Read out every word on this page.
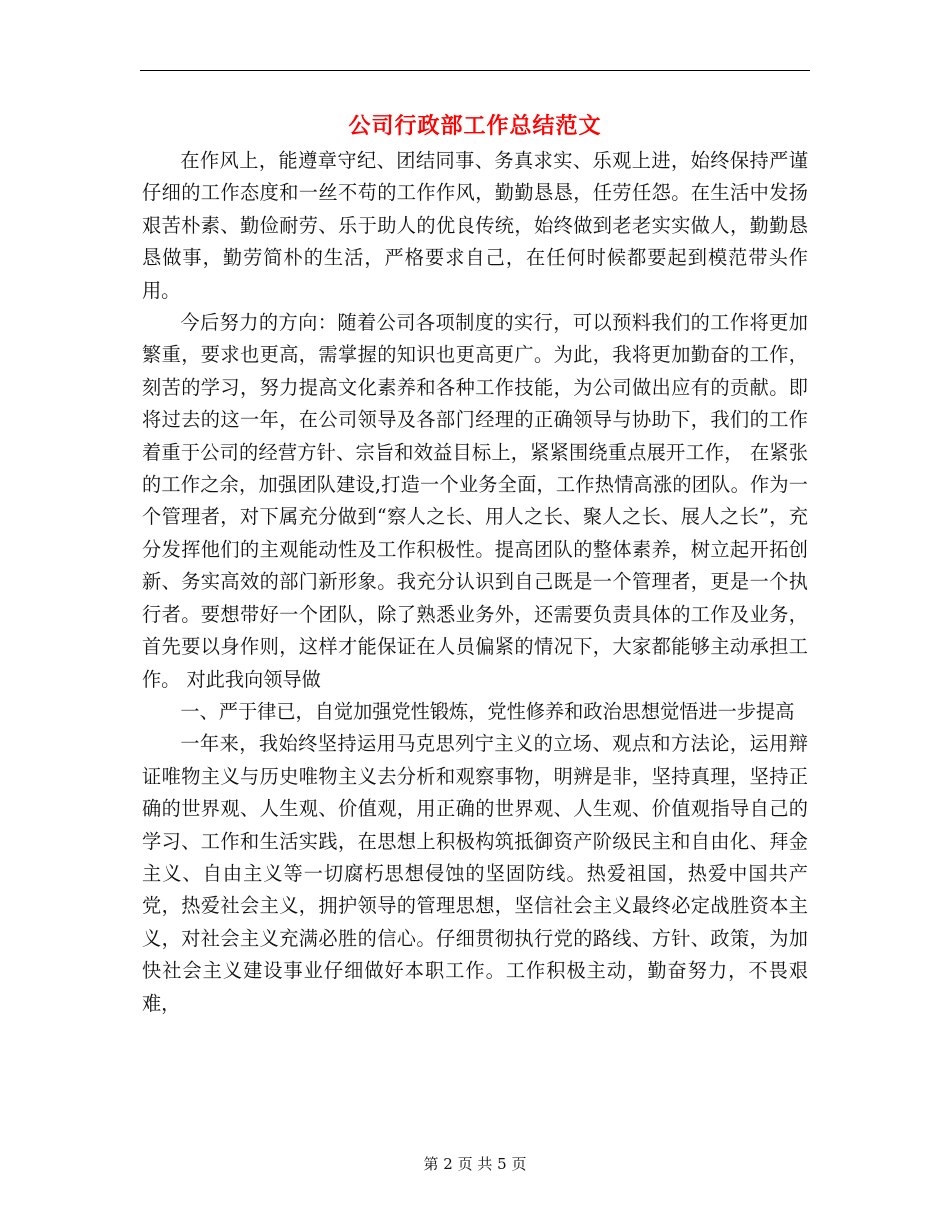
公司行政部工作总结范文

在作风上，能遵章守纪、团结同事、务真求实、乐观上进，始终保持严谨仔细的工作态度和一丝不苟的工作作风，勤勤恳恳，任劳任怨。在生活中发扬艰苦朴素、勤俭耐劳、乐于助人的优良传统，始终做到老老实实做人，勤勤恳恳做事，勤劳简朴的生活，严格要求自己，在任何时候都要起到模范带头作用。

今后努力的方向：随着公司各项制度的实行，可以预料我们的工作将更加繁重，要求也更高，需掌握的知识也更高更广。为此，我将更加勤奋的工作，刻苦的学习，努力提高文化素养和各种工作技能，为公司做出应有的贡献。即将过去的这一年，在公司领导及各部门经理的正确领导与协助下，我们的工作着重于公司的经营方针、宗旨和效益目标上，紧紧围绕重点展开工作， 在紧张的工作之余，加强团队建设,打造一个业务全面，工作热情高涨的团队。作为一个管理者，对下属充分做到“察人之长、用人之长、聚人之长、展人之长”，充分发挥他们的主观能动性及工作积极性。提高团队的整体素养，树立起开拓创新、务实高效的部门新形象。我充分认识到自己既是一个管理者，更是一个执行者。要想带好一个团队，除了熟悉业务外，还需要负责具体的工作及业务，首先要以身作则，这样才能保证在人员偏紧的情况下，大家都能够主动承担工作。 对此我向领导做

一、严于律已，自觉加强党性锻炼，党性修养和政治思想觉悟进一步提高

一年来，我始终坚持运用马克思列宁主义的立场、观点和方法论，运用辩证唯物主义与历史唯物主义去分析和观察事物，明辨是非，坚持真理，坚持正确的世界观、人生观、价值观，用正确的世界观、人生观、价值观指导自己的学习、工作和生活实践，在思想上积极构筑抵御资产阶级民主和自由化、拜金主义、自由主义等一切腐朽思想侵蚀的坚固防线。热爱祖国，热爱中国共产党，热爱社会主义，拥护领导的管理思想，坚信社会主义最终必定战胜资本主义，对社会主义充满必胜的信心。仔细贯彻执行党的路线、方针、政策，为加快社会主义建设事业仔细做好本职工作。工作积极主动，勤奋努力，不畏艰难，

第 2 页 共 5 页
